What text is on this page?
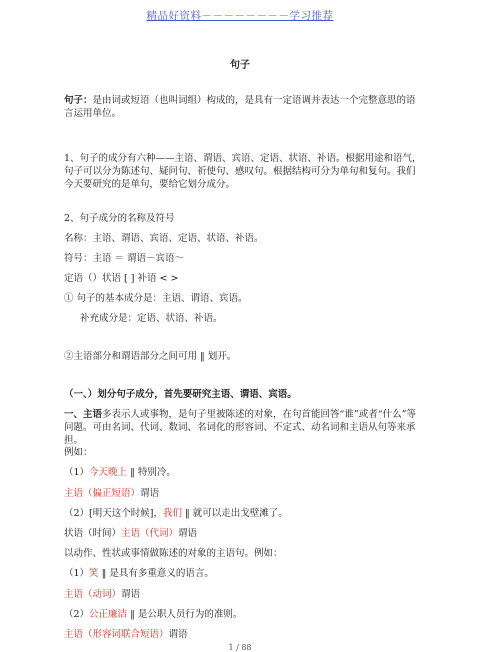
精品好资料－－－－－－－－学习推荐
句子
句子：是由词或短语（也叫词组）构成的，是具有一定语调并表达一个完整意思的语言运用单位。
1、句子的成分有六种——主语、谓语、宾语、定语、状语、补语。根据用途和语气，句子可以分为陈述句、疑问句、祈使句、感叹句。根据结构可分为单句和复句。我们今天要研究的是单句，要给它划分成分。
2、句子成分的名称及符号
名称：主语、谓语、宾语、定语、状语、补语。
符号：主语 ＝ 谓语－宾语～
定语（）状语 [ ] 补语 < >
① 句子的基本成分是：主语、谓语、宾语。
补充成分是：定语、状语、补语。
②主语部分和谓语部分之间可用 ‖ 划开。
（一、）划分句子成分，首先要研究主语、谓语、宾语。
一、主语多表示人或事物，是句子里被陈述的对象，在句首能回答“谁”或者“什么”等问题。可由名词、代词、数词、名词化的形容词、不定式、动名词和主语从句等来承担。
例如：
（1）今天晚上 ‖ 特别冷。
主语（偏正短语）谓语
（2）[明天这个时候]，我们 ‖ 就可以走出戈壁滩了。
状语（时间）主语（代词）谓语
以动作、性状或事情做陈述的对象的主语句。例如：
（1）笑 ‖ 是具有多重意义的语言。
主语（动词）谓语
（2）公正廉洁 ‖ 是公职人员行为的准则。
主语（形容词联合短语）谓语
1 / 88
